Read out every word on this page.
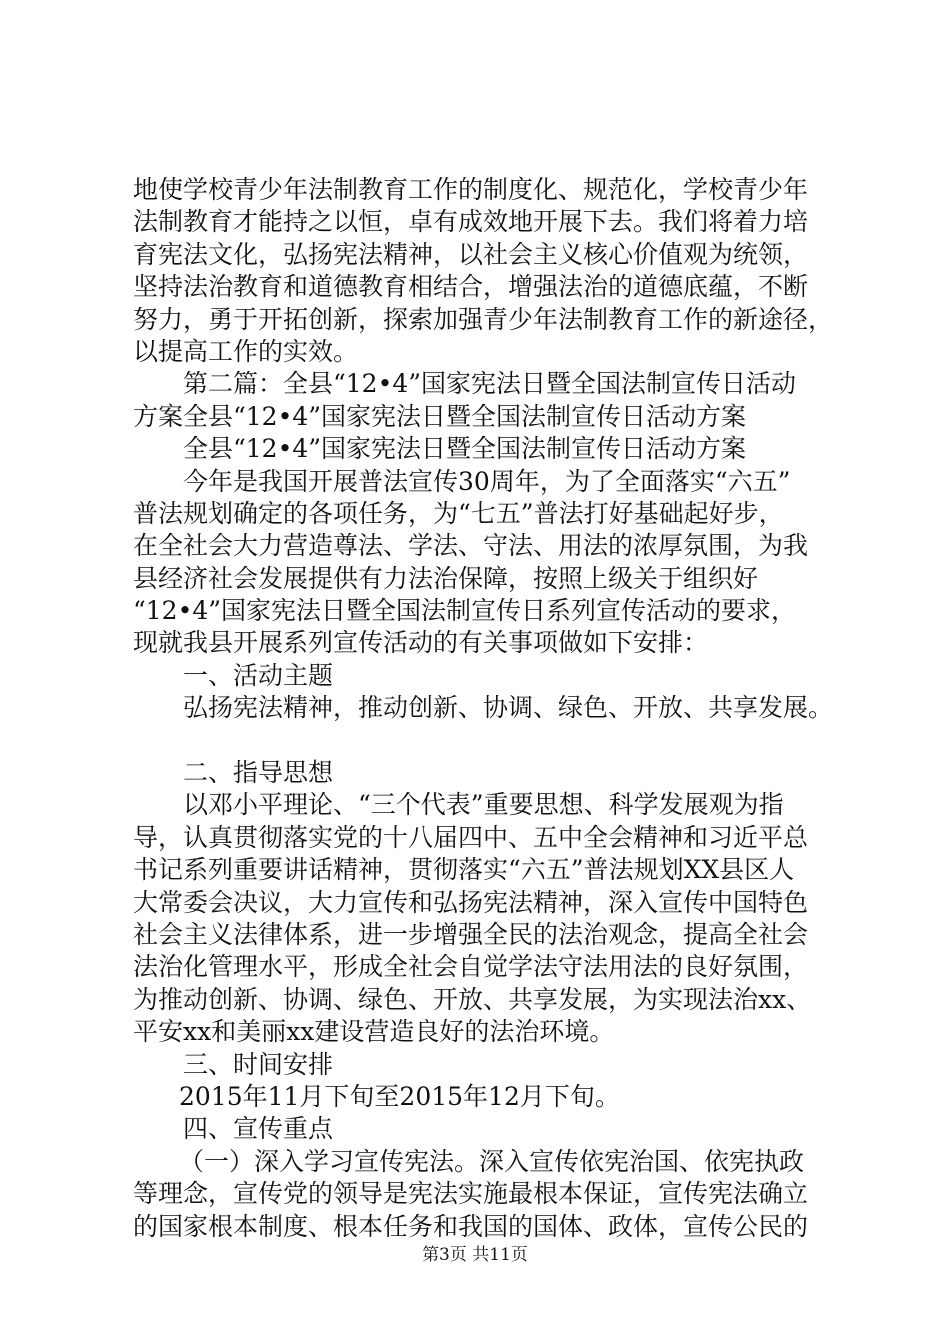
地使学校青少年法制教育工作的制度化、规范化，学校青少年
法制教育才能持之以恒，卓有成效地开展下去。我们将着力培
育宪法文化，弘扬宪法精神，以社会主义核心价值观为统领，
坚持法治教育和道德教育相结合，增强法治的道德底蕴，不断
努力，勇于开拓创新，探索加强青少年法制教育工作的新途径，
以提高工作的实效。
第二篇：全县“12•4”国家宪法日暨全国法制宣传日活动
方案全县“12•4”国家宪法日暨全国法制宣传日活动方案
全县“12•4”国家宪法日暨全国法制宣传日活动方案
今年是我国开展普法宣传30周年，为了全面落实“六五”
普法规划确定的各项任务，为“七五”普法打好基础起好步，
在全社会大力营造尊法、学法、守法、用法的浓厚氛围，为我
县经济社会发展提供有力法治保障，按照上级关于组织好
“12•4”国家宪法日暨全国法制宣传日系列宣传活动的要求，
现就我县开展系列宣传活动的有关事项做如下安排：
一、活动主题
弘扬宪法精神，推动创新、协调、绿色、开放、共享发展。
二、指导思想
以邓小平理论、“三个代表”重要思想、科学发展观为指
导，认真贯彻落实党的十八届四中、五中全会精神和习近平总
书记系列重要讲话精神，贯彻落实“六五”普法规划XX县区人
大常委会决议，大力宣传和弘扬宪法精神，深入宣传中国特色
社会主义法律体系，进一步增强全民的法治观念，提高全社会
法治化管理水平，形成全社会自觉学法守法用法的良好氛围，
为推动创新、协调、绿色、开放、共享发展，为实现法治xx、
平安xx和美丽xx建设营造良好的法治环境。
三、时间安排
2015年11月下旬至2015年12月下旬。
四、宣传重点
（一）深入学习宣传宪法。深入宣传依宪治国、依宪执政
等理念，宣传党的领导是宪法实施最根本保证，宣传宪法确立
的国家根本制度、根本任务和我国的国体、政体，宣传公民的
第3页 共11页
